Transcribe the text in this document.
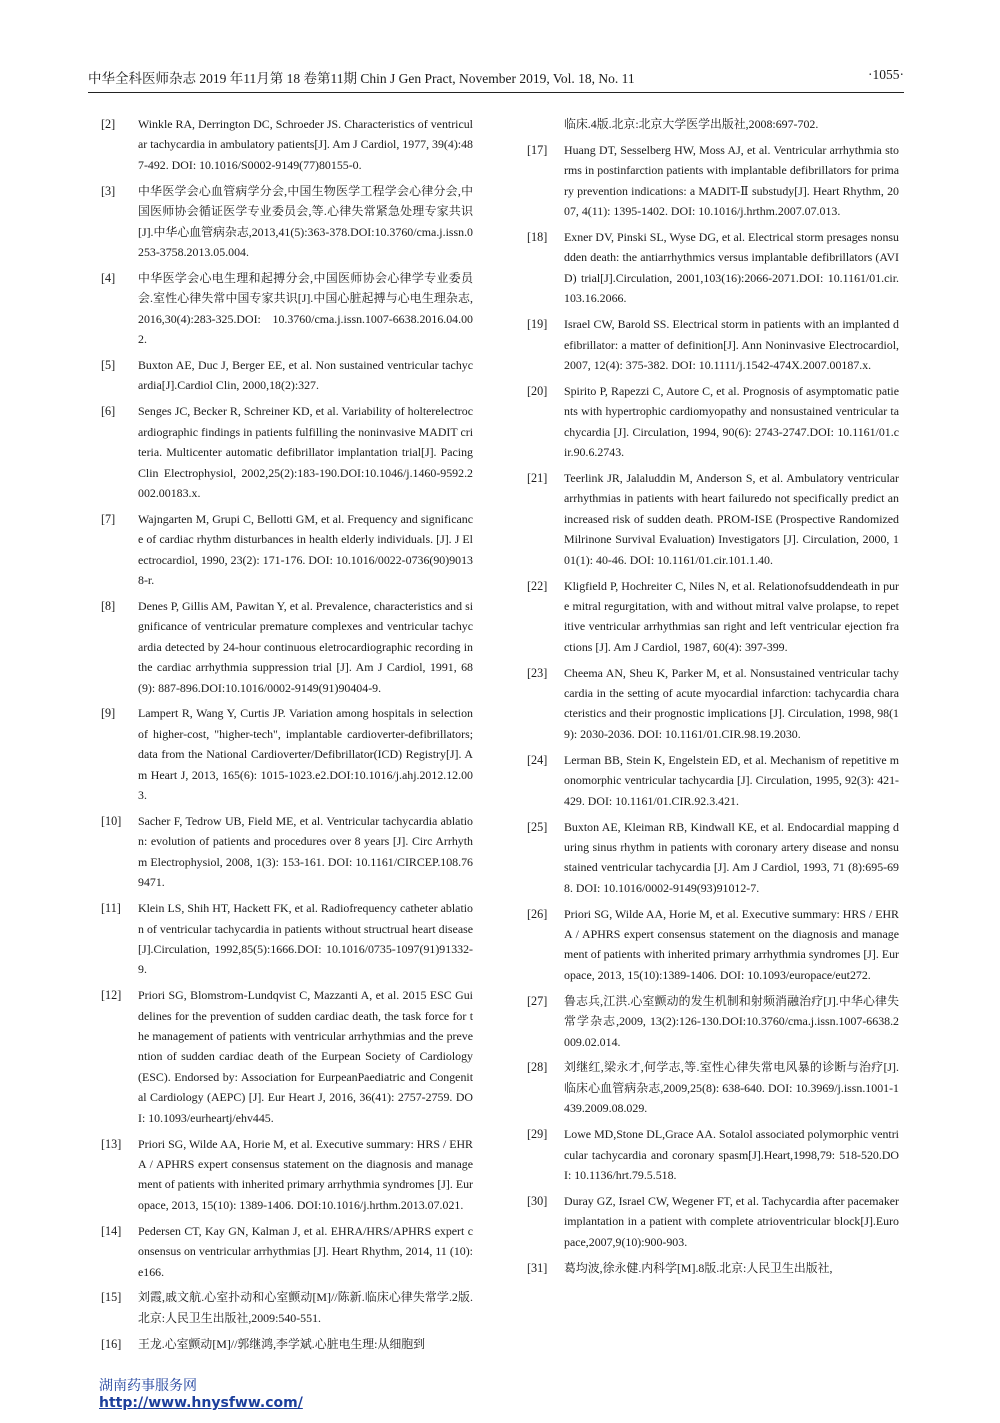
中华全科医师杂志 2019 年11月第 18 卷第11期 Chin J Gen Pract, November 2019, Vol. 18, No. 11	·1055·
[2] Winkle RA, Derrington DC, Schroeder JS. Characteristics of ventricular tachycardia in ambulatory patients[J]. Am J Cardiol, 1977, 39(4):487-492. DOI: 10.1016/S0002-9149(77)80155-0.
[3] 中华医学会心血管病学分会,中国生物医学工程学会心律分会,中国医师协会循证医学专业委员会,等.心律失常紧急处理专家共识[J].中华心血管病杂志,2013,41(5):363-378.DOI:10.3760/cma.j.issn.0253-3758.2013.05.004.
[4] 中华医学会心电生理和起搏分会,中国医师协会心律学专业委员会.室性心律失常中国专家共识[J].中国心脏起搏与心电生理杂志,2016,30(4):283-325.DOI: 10.3760/cma.j.issn.1007-6638.2016.04.002.
[5] Buxton AE, Duc J, Berger EE, et al. Non sustained ventricular tachycardia[J].Cardiol Clin, 2000,18(2):327.
[6] Senges JC, Becker R, Schreiner KD, et al. Variability of holterelectrocardiographic findings in patients fulfilling the noninvasive MADIT criteria. Multicenter automatic defibrillator implantation trial[J]. Pacing Clin Electrophysiol, 2002,25(2):183-190.DOI:10.1046/j.1460-9592.2002.00183.x.
[7] Wajngarten M, Grupi C, Bellotti GM, et al. Frequency and significance of cardiac rhythm disturbances in health elderly individuals. [J]. J Electrocardiol, 1990, 23(2): 171-176. DOI: 10.1016/0022-0736(90)90138-r.
[8] Denes P, Gillis AM, Pawitan Y, et al. Prevalence, characteristics and significance of ventricular premature complexes and ventricular tachycardia detected by 24-hour continuous eletrocardiographic recording in the cardiac arrhythmia suppression trial [J]. Am J Cardiol, 1991, 68(9): 887-896.DOI:10.1016/0002-9149(91)90404-9.
[9] Lampert R, Wang Y, Curtis JP. Variation among hospitals in selection of higher-cost, "higher-tech", implantable cardioverter-defibrillators; data from the National Cardioverter/Defibrillator(ICD) Registry[J]. Am Heart J, 2013, 165(6): 1015-1023.e2.DOI:10.1016/j.ahj.2012.12.003.
[10] Sacher F, Tedrow UB, Field ME, et al. Ventricular tachycardia ablation: evolution of patients and procedures over 8 years [J]. Circ Arrhythm Electrophysiol, 2008, 1(3): 153-161. DOI: 10.1161/CIRCEP.108.769471.
[11] Klein LS, Shih HT, Hackett FK, et al. Radiofrequency catheter ablation of ventricular tachycardia in patients without structrual heart disease[J].Circulation, 1992,85(5):1666.DOI: 10.1016/0735-1097(91)91332-9.
[12] Priori SG, Blomstrom-Lundqvist C, Mazzanti A, et al. 2015 ESC Guidelines for the prevention of sudden cardiac death, the task force for the management of patients with ventricular arrhythmias and the prevention of sudden cardiac death of the Eurpean Society of Cardiology (ESC). Endorsed by: Association for EurpeanPaediatric and Congenital Cardiology (AEPC) [J]. Eur Heart J, 2016, 36(41): 2757-2759. DOI: 10.1093/eurheartj/ehv445.
[13] Priori SG, Wilde AA, Horie M, et al. Executive summary: HRS / EHRA / APHRS expert consensus statement on the diagnosis and management of patients with inherited primary arrhythmia syndromes [J]. Europace, 2013, 15(10): 1389-1406. DOI:10.1016/j.hrthm.2013.07.021.
[14] Pedersen CT, Kay GN, Kalman J, et al. EHRA/HRS/APHRS expert consensus on ventricular arrhythmias [J]. Heart Rhythm, 2014, 11 (10): e166.
[15] 刘霞,戚文航.心室扑动和心室颤动[M]//陈新.临床心律失常学.2版.北京:人民卫生出版社,2009:540-551.
[16] 王龙.心室颤动[M]//郭继鸿,李学斌.心脏电生理:从细胞到
临床.4版.北京:北京大学医学出版社,2008:697-702.
[17] Huang DT, Sesselberg HW, Moss AJ, et al. Ventricular arrhythmia storms in postinfarction patients with implantable defibrillators for primary prevention indications: a MADIT-Ⅱ substudy[J]. Heart Rhythm, 2007, 4(11): 1395-1402. DOI: 10.1016/j.hrthm.2007.07.013.
[18] Exner DV, Pinski SL, Wyse DG, et al. Electrical storm presages nonsudden death: the antiarrhythmics versus implantable defibrillators (AVID) trial[J].Circulation, 2001,103(16):2066-2071.DOI: 10.1161/01.cir.103.16.2066.
[19] Israel CW, Barold SS. Electrical storm in patients with an implanted defibrillator: a matter of definition[J]. Ann Noninvasive Electrocardiol, 2007, 12(4): 375-382. DOI: 10.1111/j.1542-474X.2007.00187.x.
[20] Spirito P, Rapezzi C, Autore C, et al. Prognosis of asymptomatic patients with hypertrophic cardiomyopathy and nonsustained ventricular tachycardia [J]. Circulation, 1994, 90(6): 2743-2747.DOI: 10.1161/01.cir.90.6.2743.
[21] Teerlink JR, Jalaluddin M, Anderson S, et al. Ambulatory ventricular arrhythmias in patients with heart failuredo not specifically predict an increased risk of sudden death. PROM-ISE (Prospective Randomized Milrinone Survival Evaluation) Investigators [J]. Circulation, 2000, 101(1): 40-46. DOI: 10.1161/01.cir.101.1.40.
[22] Kligfield P, Hochreiter C, Niles N, et al. Relationofsuddendeath in pure mitral regurgitation, with and without mitral valve prolapse, to repetitive ventricular arrhythmias san right and left ventricular ejection fractions [J]. Am J Cardiol, 1987, 60(4): 397-399.
[23] Cheema AN, Sheu K, Parker M, et al. Nonsustained ventricular tachycardia in the setting of acute myocardial infarction: tachycardia characteristics and their prognostic implications [J]. Circulation, 1998, 98(19): 2030-2036. DOI: 10.1161/01.CIR.98.19.2030.
[24] Lerman BB, Stein K, Engelstein ED, et al. Mechanism of repetitive monomorphic ventricular tachycardia [J]. Circulation, 1995, 92(3): 421-429. DOI: 10.1161/01.CIR.92.3.421.
[25] Buxton AE, Kleiman RB, Kindwall KE, et al. Endocardial mapping during sinus rhythm in patients with coronary artery disease and nonsustained ventricular tachycardia [J]. Am J Cardiol, 1993, 71 (8):695-698. DOI: 10.1016/0002-9149(93)91012-7.
[26] Priori SG, Wilde AA, Horie M, et al. Executive summary: HRS / EHRA / APHRS expert consensus statement on the diagnosis and management of patients with inherited primary arrhythmia syndromes [J]. Europace, 2013, 15(10):1389-1406. DOI: 10.1093/europace/eut272.
[27] 鲁志兵,江洪.心室颤动的发生机制和射频消融治疗[J].中华心律失常学杂志,2009, 13(2):126-130.DOI:10.3760/cma.j.issn.1007-6638.2009.02.014.
[28] 刘继红,梁永才,何学志,等.室性心律失常电风暴的诊断与治疗[J].临床心血管病杂志,2009,25(8): 638-640. DOI: 10.3969/j.issn.1001-1439.2009.08.029.
[29] Lowe MD,Stone DL,Grace AA. Sotalol associated polymorphic ventricular tachycardia and coronary spasm[J].Heart,1998,79: 518-520.DOI: 10.1136/hrt.79.5.518.
[30] Duray GZ, Israel CW, Wegener FT, et al. Tachycardia after pacemaker implantation in a patient with complete atrioventricular block[J].Europace,2007,9(10):900-903.
[31] 葛均波,徐永健.内科学[M].8版.北京:人民卫生出版社,
湖南药事服务网
http://www.hnysfww.com/
